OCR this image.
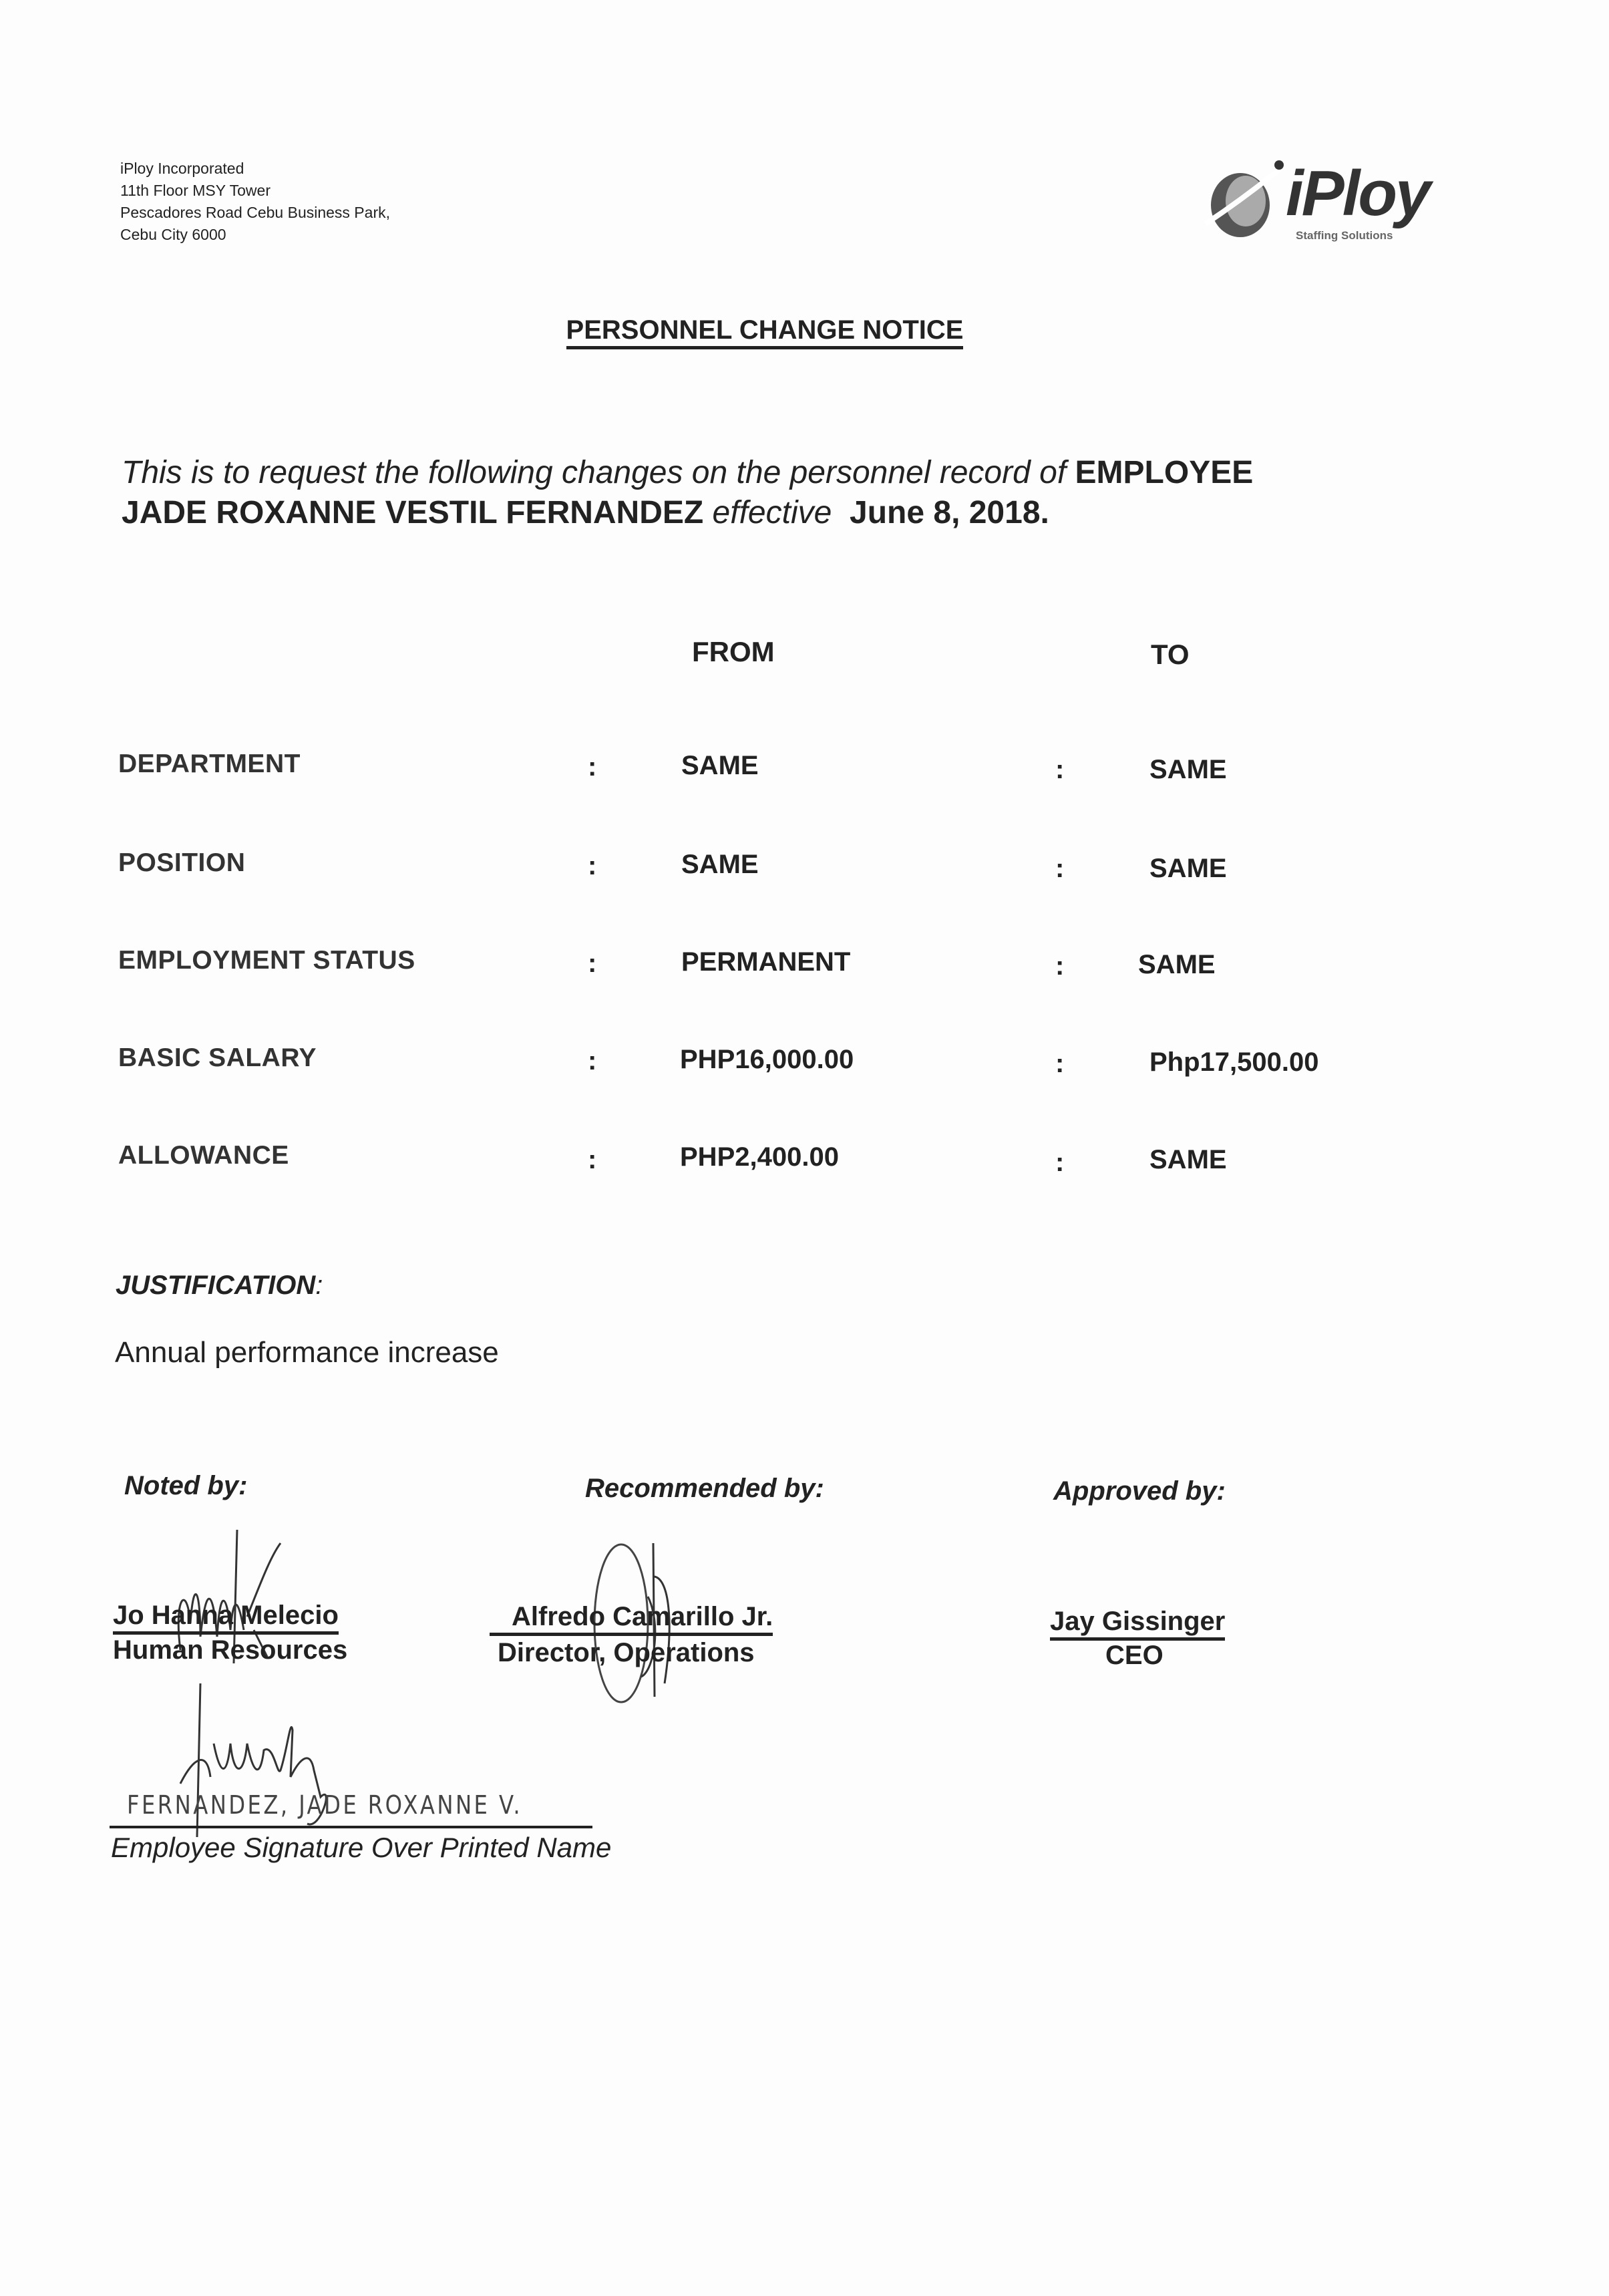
iPloy Incorporated
11th Floor MSY Tower
Pescadores Road Cebu Business Park,
Cebu City 6000
iPloy
Staffing Solutions
PERSONNEL CHANGE NOTICE
This is to request the following changes on the personnel record of EMPLOYEE
JADE ROXANNE VESTIL FERNANDEZ effective  June 8, 2018.
FROM	TO
DEPARTMENT	:	SAME	:	SAME
POSITION	:	SAME	:	SAME
EMPLOYMENT STATUS	:	PERMANENT	:	SAME
BASIC SALARY	:	PHP16,000.00	:	Php17,500.00
ALLOWANCE	:	PHP2,400.00	:	SAME
JUSTIFICATION:
Annual performance increase
Noted by:	Recommended by:	Approved by:
Jo Hanna Melecio
Human Resources
Alfredo Camarillo Jr.
Director, Operations
Jay Gissinger
CEO
FERNANDEZ, JADE ROXANNE V.
Employee Signature Over Printed Name
